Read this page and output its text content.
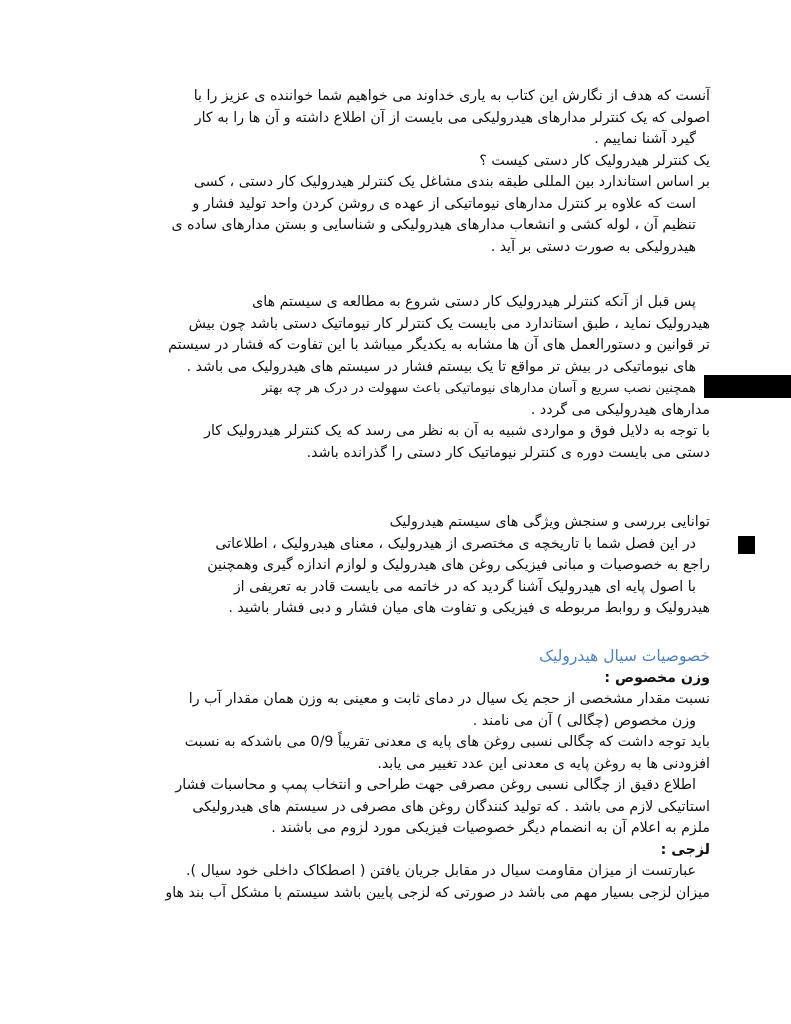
آنست که هدف از نگارش این کتاب به یاری خداوند می خواهیم شما خواننده ی عزیز را با

اصولی که یک کنترلر مدارهای هیدرولیکی می بایست از آن اطلاع داشته و آن ها را به کار

گیرد آشنا نماییم .

یک کنترلر هیدرولیک کار دستی کیست ؟

بر اساس استاندارد بین المللی طبقه بندی مشاغل یک کنترلر هیدرولیک کار دستی ، کسی

است که علاوه بر کنترل مدارهای نیوماتیکی از عهده ی روشن کردن واحد تولید فشار و

تنظیم آن ، لوله کشی و انشعاب مدارهای هیدرولیکی و شناسایی و بستن مدارهای ساده ی

هیدرولیکی به صورت دستی بر آید .

پس قبل از آنکه کنترلر هیدرولیک کار دستی شروع به مطالعه ی سیستم های

هیدرولیک نماید ، طبق استاندارد می بایست یک کنترلر کار نیوماتیک دستی باشد چون بیش

تر قوانین و دستورالعمل های آن ها مشابه به یکدیگر میباشد با این تفاوت که فشار در سیستم

های نیوماتیکی در بیش تر مواقع تا یک بیستم فشار در سیستم های هیدرولیک می باشد .

همچنین نصب سریع و آسان مدارهای نیوماتیکی باعث سهولت در درک هر چه بهتر

مدارهای هیدرولیکی می گردد .

با توجه به دلایل فوق و مواردی شبیه به آن به نظر می رسد که یک کنترلر هیدرولیک کار

دستی می بایست دوره ی کنترلر نیوماتیک کار دستی را گذرانده باشد.

توانایی بررسی و سنجش ویژگی های سیستم هیدرولیک

در این فصل شما با تاریخچه ی مختصری از هیدرولیک ، معنای هیدرولیک ، اطلاعاتی

راجع به خصوصیات و مبانی فیزیکی روغن های هیدرولیک و لوازم اندازه گیری وهمچنین

با اصول پایه ای هیدرولیک آشنا گردید که در خاتمه می بایست قادر به تعریفی از

هیدرولیک و روابط مربوطه ی فیزیکی و تفاوت های میان فشار و دبی فشار باشید .

خصوصیات سیال هیدرولیک

وزن مخصوص :

نسبت مقدار مشخصی از حجم یک سیال در دمای ثابت و معینی به وزن همان مقدار آب را

وزن مخصوص (چگالی ) آن می نامند .

باید توجه داشت که چگالی نسبی روغن های پایه ی معدنی تقریباً 0/9 می باشدکه به نسبت

افزودنی ها به روغن پایه ی معدنی این عدد تغییر می یابد.

اطلاع دقیق از چگالی نسبی روغن مصرفی جهت طراحی و انتخاب پمپ و محاسبات فشار

استاتیکی لازم می باشد . که تولید کنندگان روغن های مصرفی در سیستم های هیدرولیکی

ملزم به اعلام آن به انضمام دیگر خصوصیات فیزیکی مورد لزوم می باشند .

لزجی :

عبارتست از میزان مقاومت سیال در مقابل جریان یافتن ( اصطکاک داخلی خود سیال ).

میزان لزجی بسیار مهم می باشد در صورتی که لزجی پایین باشد سیستم با مشکل آب بند هاو
